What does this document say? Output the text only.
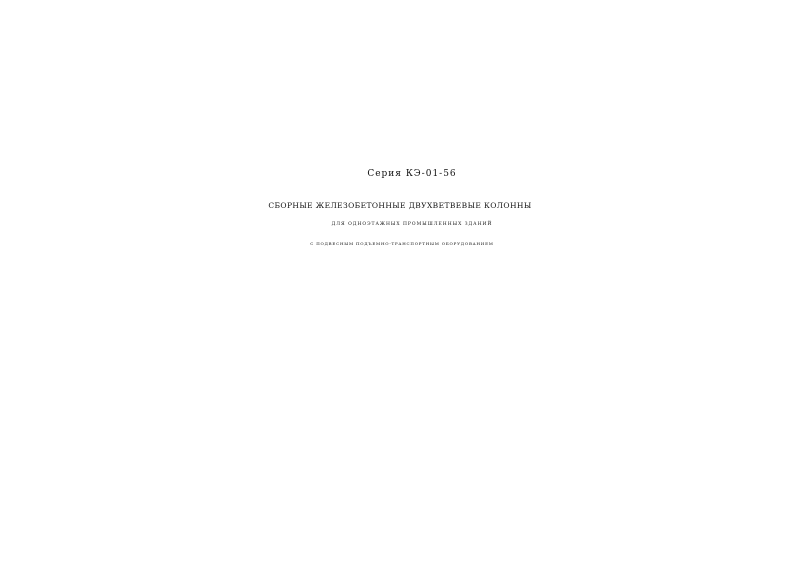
Серия КЭ-01-56
СБОРНЫЕ ЖЕЛЕЗОБЕТОННЫЕ ДВУХВЕТВЕВЫЕ КОЛОННЫ
ДЛЯ ОДНОЭТАЖНЫХ ПРОМЫШЛЕННЫХ ЗДАНИЙ
С ПОДВЕСНЫМ ПОДЪЕМНО-ТРАНСПОРТНЫМ ОБОРУДОВАНИЕМ
